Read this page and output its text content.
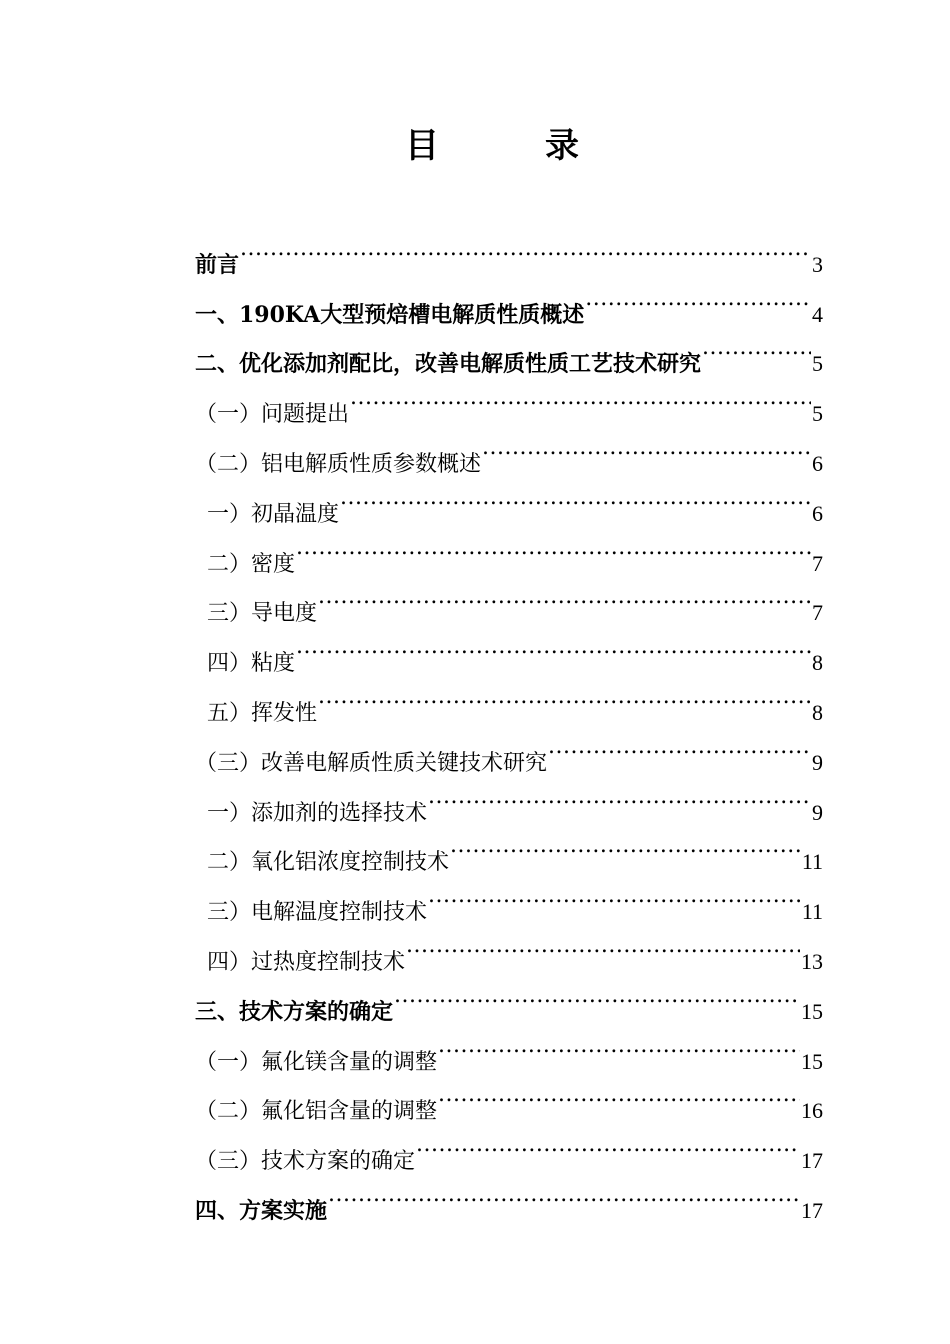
目　录
前言 .....	3
一、190KA大型预焙槽电解质性质概述 .....	4
二、优化添加剂配比，改善电解质性质工艺技术研究 .....	5
（一）问题提出 .....	5
（二）铝电解质性质参数概述 .....	6
一）初晶温度 .....	6
二）密度 .....	7
三）导电度 .....	7
四）粘度 .....	8
五）挥发性 .....	8
（三）改善电解质性质关键技术研究 .....	9
一）添加剂的选择技术 .....	9
二）氧化铝浓度控制技术 .....	11
三）电解温度控制技术 .....	11
四）过热度控制技术 .....	13
三、技术方案的确定 .....	15
（一）氟化镁含量的调整 .....	15
（二）氟化铝含量的调整 .....	16
（三）技术方案的确定 .....	17
四、方案实施 .....	17
